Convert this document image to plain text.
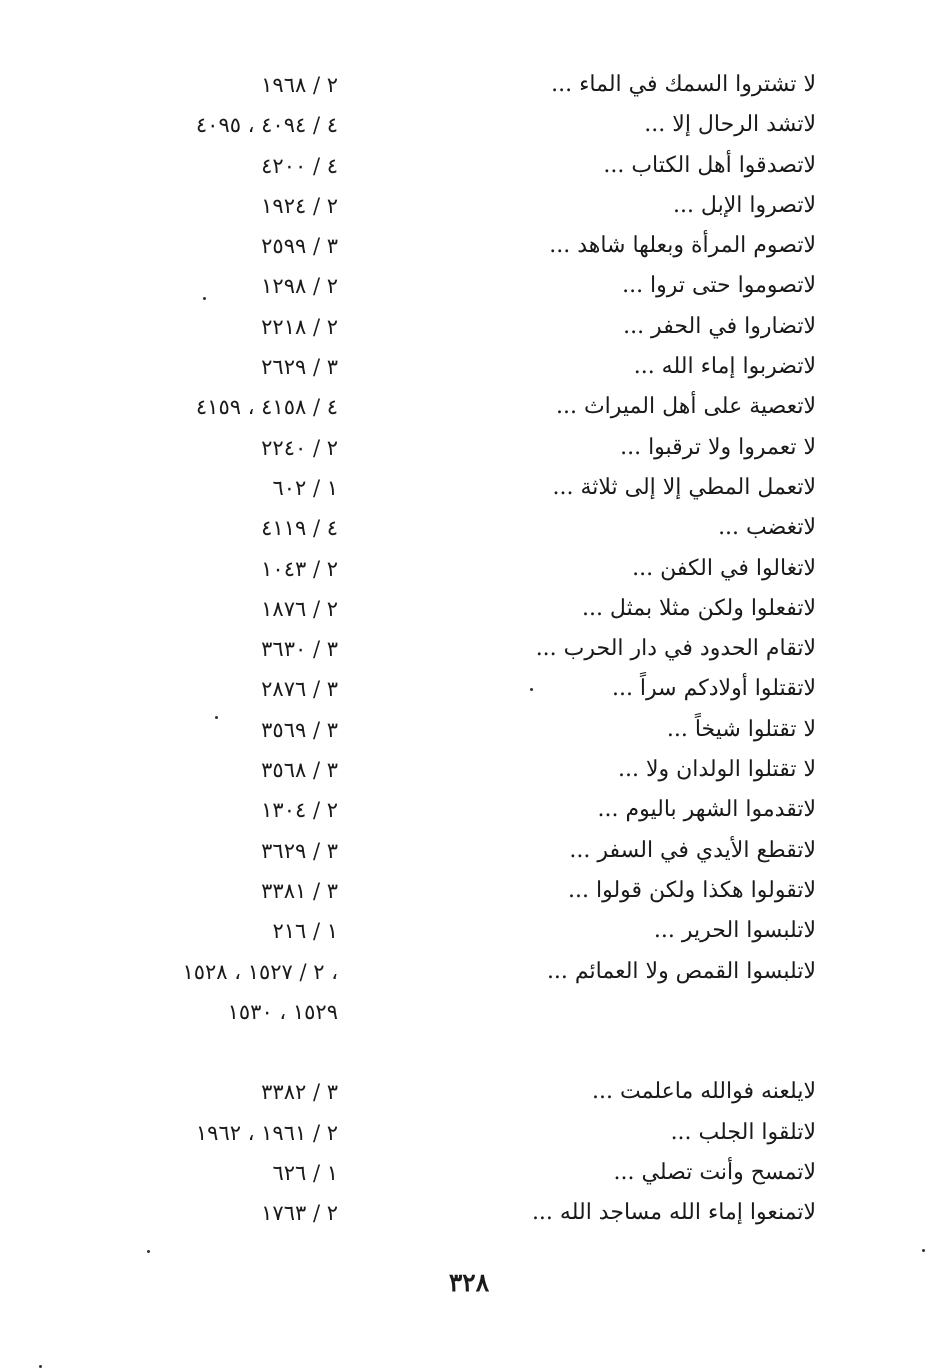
لا تشتروا السمك في الماء ...
٢ / ١٩٦٨
لاتشد الرحال إلا ...
٤ / ٤٠٩٤ ، ٤٠٩٥
لاتصدقوا أهل الكتاب ...
٤ / ٤٢٠٠
لاتصروا الإبل ...
٢ / ١٩٢٤
لاتصوم المرأة وبعلها شاهد ...
٣ / ٢٥٩٩
لاتصوموا حتى تروا ...
٢ / ١٢٩٨
لاتضاروا في الحفر ...
٢ / ٢٢١٨
لاتضربوا إماء الله ...
٣ / ٢٦٢٩
لاتعصية على أهل الميراث ...
٤ / ٤١٥٨ ، ٤١٥٩
لا تعمروا ولا ترقبوا ...
٢ / ٢٢٤٠
لاتعمل المطي إلا إلى ثلاثة ...
١ / ٦٠٢
لاتغضب ...
٤ / ٤١١٩
لاتغالوا في الكفن ...
٢ / ١٠٤٣
لاتفعلوا ولكن مثلا بمثل ...
٢ / ١٨٧٦
لاتقام الحدود في دار الحرب ...
٣ / ٣٦٣٠
لاتقتلوا أولادكم سراً ...
٣ / ٢٨٧٦
لا تقتلوا شيخاً ...
٣ / ٣٥٦٩
لا تقتلوا الولدان ولا ...
٣ / ٣٥٦٨
لاتقدموا الشهر باليوم ...
٢ / ١٣٠٤
لاتقطع الأيدي في السفر ...
٣ / ٣٦٢٩
لاتقولوا هكذا ولكن قولوا ...
٣ / ٣٣٨١
لاتلبسوا الحرير ...
١ / ٢١٦
لاتلبسوا القمص ولا العمائم ...
٢ / ١٥٢٧ ، ١٥٢٨ ،
١٥٢٩ ، ١٥٣٠
لايلعنه فوالله ماعلمت ...
٣ / ٣٣٨٢
لاتلقوا الجلب ...
٢ / ١٩٦١ ، ١٩٦٢
لاتمسح وأنت تصلي ...
١ / ٦٢٦
لاتمنعوا إماء الله مساجد الله ...
٢ / ١٧٦٣
٣٢٨
